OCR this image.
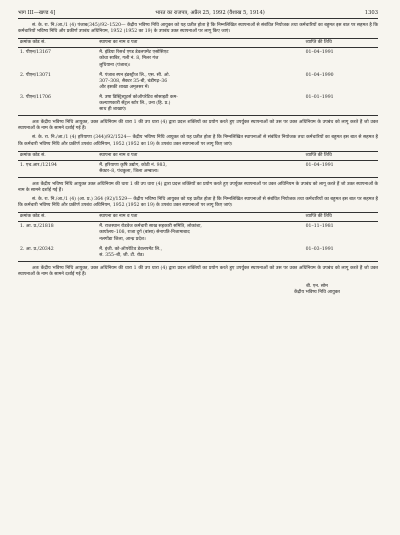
भाग III—खण्ड 4]	भारत का राजपत्र, अप्रैल 25, 1992 (वैशाख 5, 1914)	1303

सं. के. रा. नि./आ./1 (4) पंजाब(345)/92–1520— केंद्रीय भविष्य निधि आयुक्त को यह प्रतीत होता है कि निम्नलिखित स्थापनाओं से संबंधित नियोजक तथा कर्मचारियों का बहुमत इस बात पर सहमत है कि कर्मचारियों भविष्य निधि और प्रकीर्ण उपबंध अधिनियम, 1952 (1952 का 19) के उपबंध उक्त स्थापनाओं पर लागू किए जाएं।

क्रमांक कोड सं.	स्थापना का नाम व पता	व्याप्ति की तिथि
1. पीएन/13167	मै. इंडिया रिसर्च एण्ड डेवलपमेंट एसोसिएट
कोचा साबिर, गली नं. 8, मिलर गंज
लुधियाना (पंजाब)।	01–04–1991
2. पीएन/13071	मैं. पंजाब स्पन इंडस्ट्रीज लि., एस. सी. ओ.
307–308, सैक्टर 35-बी, चंडीगढ़–36
और इसकी शाखा अमृतसर में।	01–04–1990
3. पीएन/11706	मै. उषा डिस्ट्रिब्यूटर्स कोऑपरेटिव सोसाइटी कम-
कल्याणकारी सेंट्रल स्टोर लि., उना (हि. प्र.)
साथ ही शाखाएं।	01–01–1991

अतः केंद्रीय भविष्य निधि आयुक्त, उक्त अधिनियम की धारा 1 की उप धारा (4) द्वारा प्रदत्त शक्तियों का प्रयोग करते हुए उपर्युक्त स्थापनाओं को उस पर उक्त अधिनियम के उपबंध को लागू करते हैं जो उक्त स्थापनाओं के नाम के सामने दर्शाई गई हैं।

सं. के. रा. नि./आ./1 (4) हरियाणा (344)/92/1524— केंद्रीय भविष्य निधि आयुक्त को यह प्रतीत होता है कि निम्नलिखित स्थापनाओं से संबंधित नियोजक तथा कर्मचारियों का बहुमत इस बात से सहमत है कि कर्मचारी भविष्य निधि और प्रकीर्ण उपबंध अधिनियम, 1952 (1952 का 19) के उपबंध उक्त स्थापनाओं पर लागू किए जाएं।

क्रमांक कोड सं.	स्थापना का नाम व पता	व्याप्ति की तिथि
1. एच.आर./12194	मैं. हरियाणा कृषि उद्योग, कोठी नं. 983,
सैक्टर–8, पंचकुला, जिला अम्बाला।	01–04–1991

अतः केंद्रीय भविष्य निधि आयुक्त उक्त अधिनियम की धारा 1 की उप धारा (4) द्वारा प्रदत्त शक्तियों का प्रयोग करते हुए उपर्युक्त स्थापनाओं पर उक्त अधिनियम के उपबंध को लागू करते हैं जो उक्त स्थापनाओं के नाम के सामने दर्शाई गई हैं।

सं. के. रा. नि./आ./1 (4) (आ. प्र.) 364 (92)/1529— केंद्रीय भविष्य निधि आयुक्त को यह प्रतीत होता है कि निम्नलिखित स्थापनाओं से संबंधित नियोजक तथा कर्मचारियों का बहुमत इस बात पर सहमत है कि कर्मचारी भविष्य निधि और प्रकीर्ण उपबंध अधिनियम, 1952 (1952 का 19) के उपबंध उक्त स्थापनाओं पर लागू किए जाएं।

क्रमांक कोड सं.	स्थापना का नाम व पता	व्याप्ति की तिथि
1. आ. प्र./21818	मैं. राजस्थान रोडवेज कर्मचारी साख सहकारी समिति, लोकांशा,
कार्यालय–108, राजा दुर्ग (बांसा) सेनापति-निजामाबाद
नलगोंडा जिला, आन्ध्र प्रदेश।	01–11–1981
2. आ. प्र./20342	मैं. इंजी. को-ऑपरेटिव डेवलपमेंट लि.,
सं. 355–बी, जी. टी. रोड।	01–03–1991

अतः केंद्रीय भविष्य निधि आयुक्त, उक्त अधिनियम की धारा 1 की उप धारा (4) द्वारा प्रदत्त शक्तियों का प्रयोग करते हुए उपर्युक्त स्थापनाओं को उस पर उक्त अधिनियम के उपबंध को लागू करते हैं जो उक्त स्थापनाओं के नाम के सामने दर्शाई गई हैं।

बी. एन. सोम
केंद्रीय भविष्य निधि आयुक्त
